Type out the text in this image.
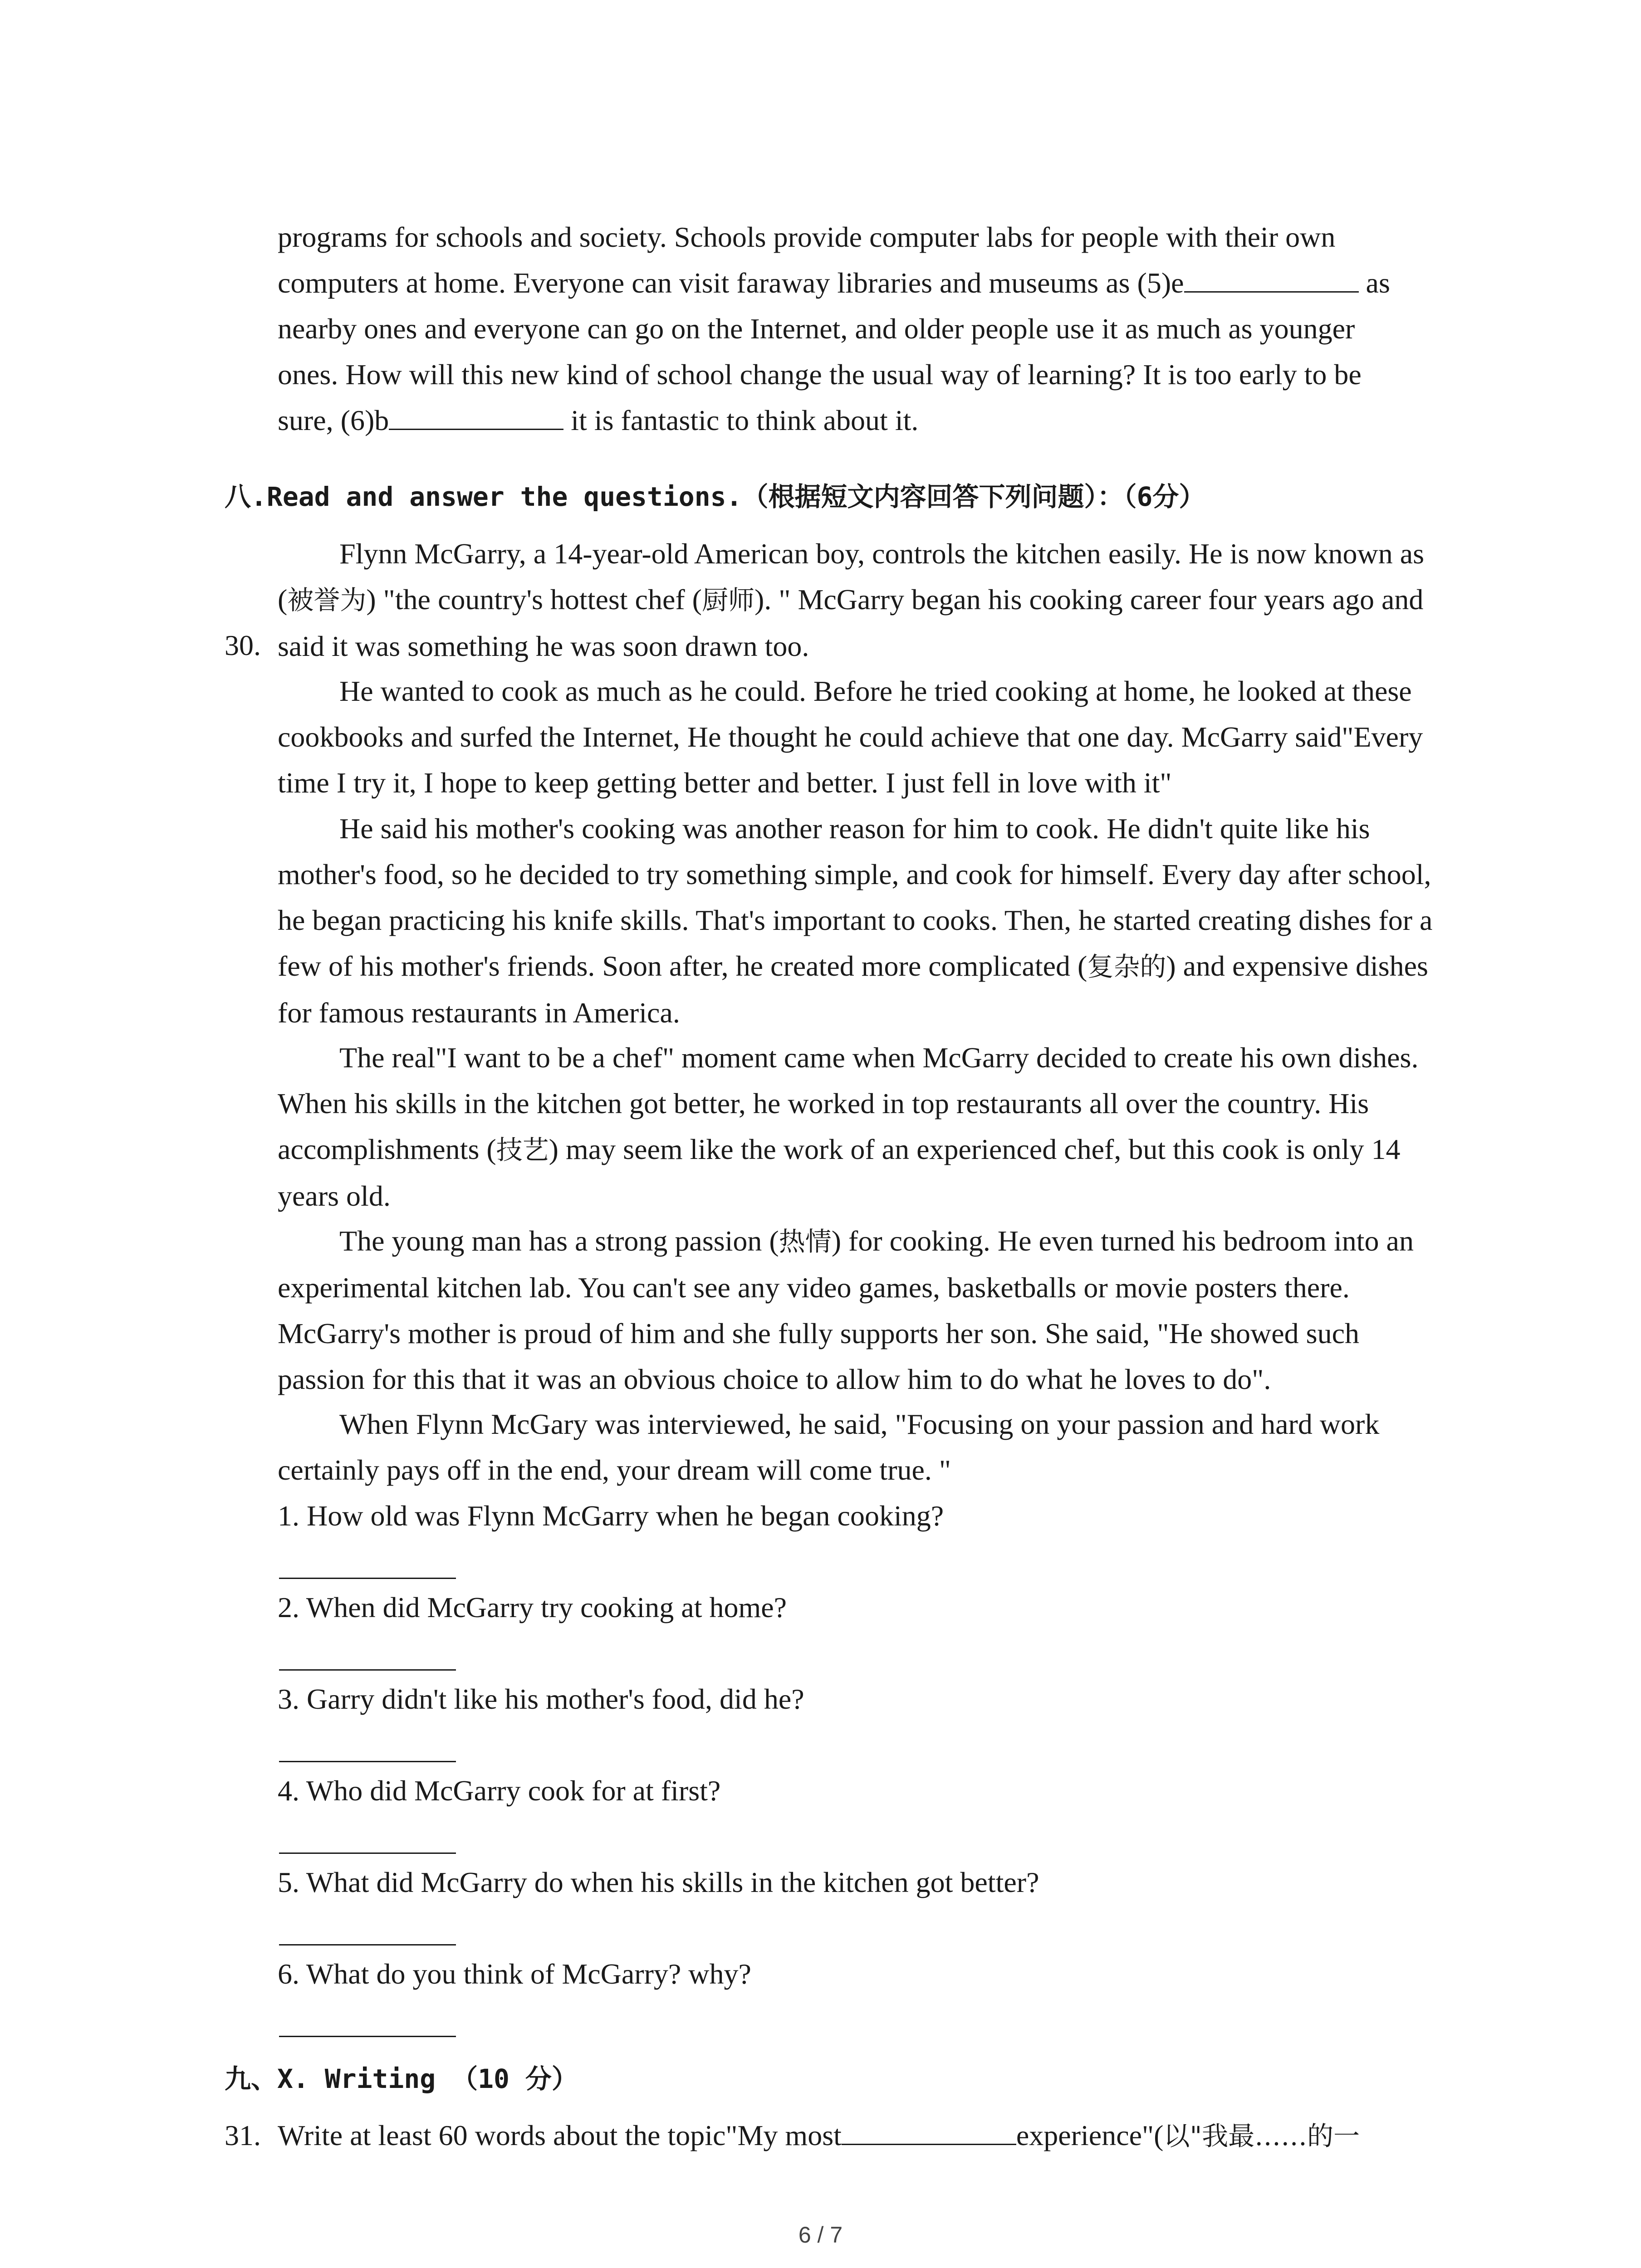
programs for schools and society. Schools provide computer labs for people with their own

computers at home. Everyone can visit faraway libraries and museums as (5)e	as

nearby ones and everyone can go on the Internet, and older people use it as much as younger

ones. How will this new kind of school change the usual way of learning? It is too early to be

sure, (6)b	it is fantastic to think about it.

八.Read and answer the questions.（根据短文内容回答下列问题）：（6分）
30.

Flynn McGarry, a 14-year-old American boy, controls the kitchen easily. He is now known as (被誉为) "the country's hottest chef (厨师). " McGarry began his cooking career four years ago and said it was something he was soon drawn too.

He wanted to cook as much as he could. Before he tried cooking at home, he looked at these cookbooks and surfed the Internet, He thought he could achieve that one day. McGarry said"Every time I try it, I hope to keep getting better and better. I just fell in love with it"

He said his mother's cooking was another reason for him to cook. He didn't quite like his mother's food, so he decided to try something simple, and cook for himself. Every day after school, he began practicing his knife skills. That's important to cooks. Then, he started creating dishes for a few of his mother's friends. Soon after, he created more complicated (复杂的) and expensive dishes for famous restaurants in America.

The real"I want to be a chef" moment came when McGarry decided to create his own dishes. When his skills in the kitchen got better, he worked in top restaurants all over the country. His accomplishments (技艺) may seem like the work of an experienced chef, but this cook is only 14 years old.

The young man has a strong passion (热情) for cooking. He even turned his bedroom into an experimental kitchen lab. You can't see any video games, basketballs or movie posters there. McGarry's mother is proud of him and she fully supports her son. She said, "He showed such passion for this that it was an obvious choice to allow him to do what he loves to do".

When Flynn McGary was interviewed, he said, "Focusing on your passion and hard work certainly pays off in the end, your dream will come true. "

1. How old was Flynn McGarry when he began cooking?
2. When did McGarry try cooking at home?
3. Garry didn't like his mother's food, did he?
4. Who did McGarry cook for at first?
5. What did McGarry do when his skills in the kitchen got better?
6. What do you think of McGarry? why?
九、X. Writing （10 分）
31. Write at least 60 words about the topic"My most	experience"(以"我最……的一
6 / 7
